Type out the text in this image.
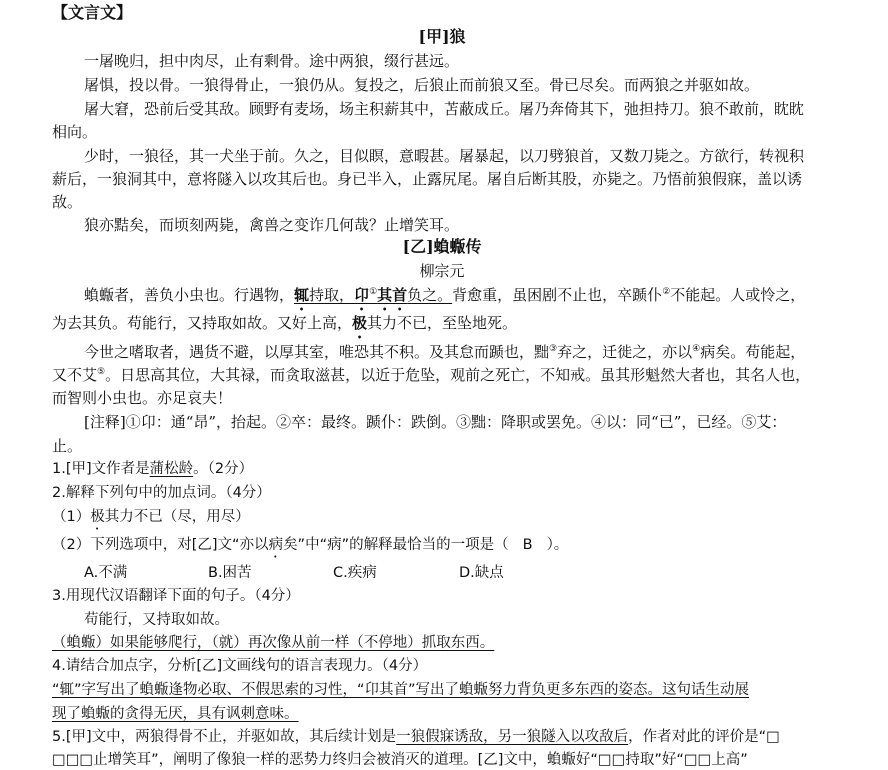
【文言文】
[甲]狼
一屠晚归，担中肉尽，止有剩骨。途中两狼，缀行甚远。
屠惧，投以骨。一狼得骨止，一狼仍从。复投之，后狼止而前狼又至。骨已尽矣。而两狼之并驱如故。
屠大窘，恐前后受其敌。顾野有麦场，场主积薪其中，苫蔽成丘。屠乃奔倚其下，弛担持刀。狼不敢前，眈眈
相向。
少时，一狼径，其一犬坐于前。久之，目似瞑，意暇甚。屠暴起，以刀劈狼首，又数刀毙之。方欲行，转视积
薪后，一狼洞其中，意将隧入以攻其后也。身已半入，止露尻尾。屠自后断其股，亦毙之。乃悟前狼假寐，盖以诱
敌。
狼亦黠矣，而顷刻两毙，禽兽之变诈几何哉？止增笑耳。
[乙]蝜蝂传
柳宗元
蝜蝂者，善负小虫也。行遇物，辄持取，卬①其首负之。背愈重，虽困剧不止也，卒踬仆②不能起。人或怜之，
为去其负。苟能行，又持取如故。又好上高，极其力不已，至坠地死。
今世之嗜取者，遇货不避，以厚其室，唯恐其不积。及其怠而踬也，黜③弃之，迁徙之，亦以④病矣。苟能起，
又不艾⑤。日思高其位，大其禄，而贪取滋甚，以近于危坠，观前之死亡，不知戒。虽其形魁然大者也，其名人也，
而智则小虫也。亦足哀夫！
[注释]①卬：通“昂”，抬起。②卒：最终。踬仆：跌倒。③黜：降职或罢免。④以：同“已”，已经。⑤艾：
止。
1.[甲]文作者是蒲松龄。（2分）
2.解释下列句中的加点词。（4分）
（1）极其力不已（尽，用尽）
（2）下列选项中，对[乙]文“亦以病矣”中“病”的解释最恰当的一项是（ B ）。
A.不满	B.困苦	C.疾病	D.缺点
3.用现代汉语翻译下面的句子。（4分）
苟能行，又持取如故。
（蝜蝂）如果能够爬行，（就）再次像从前一样（不停地）抓取东西。
4.请结合加点字，分析[乙]文画线句的语言表现力。（4分）
“辄”字写出了蝜蝂逢物必取、不假思索的习性，“卬其首”写出了蝜蝂努力背负更多东西的姿态。这句话生动展
现了蝜蝂的贪得无厌，具有讽刺意味。
5.[甲]文中，两狼得骨不止，并驱如故，其后续计划是一狼假寐诱敌，另一狼隧入以攻敌后，作者对此的评价是“□
□□□止增笑耳”，阐明了像狼一样的恶势力终归会被消灭的道理。[乙]文中，蝜蝂好“□□持取”好“□□上高”
